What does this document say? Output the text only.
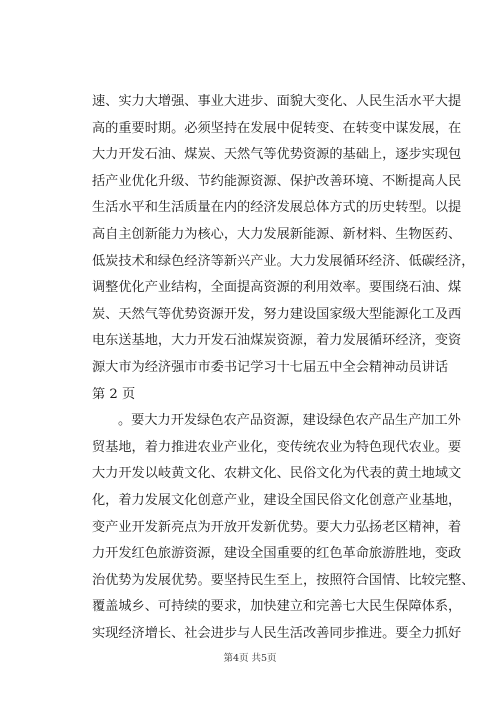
速、实力大增强、事业大进步、面貌大变化、人民生活水平大提
高的重要时期。必须坚持在发展中促转变、在转变中谋发展，在
大力开发石油、煤炭、天然气等优势资源的基础上，逐步实现包
括产业优化升级、节约能源资源、保护改善环境、不断提高人民
生活水平和生活质量在内的经济发展总体方式的历史转型。以提
高自主创新能力为核心，大力发展新能源、新材料、生物医药、
低炭技术和绿色经济等新兴产业。大力发展循环经济、低碳经济，
调整优化产业结构，全面提高资源的利用效率。要围绕石油、煤
炭、天然气等优势资源开发，努力建设国家级大型能源化工及西
电东送基地，大力开发石油煤炭资源，着力发展循环经济，变资
源大市为经济强市市委书记学习十七届五中全会精神动员讲话
第 2 页
。要大力开发绿色农产品资源，建设绿色农产品生产加工外
贸基地，着力推进农业产业化，变传统农业为特色现代农业。要
大力开发以岐黄文化、农耕文化、民俗文化为代表的黄土地域文
化，着力发展文化创意产业，建设全国民俗文化创意产业基地，
变产业开发新亮点为开放开发新优势。要大力弘扬老区精神，着
力开发红色旅游资源，建设全国重要的红色革命旅游胜地，变政
治优势为发展优势。要坚持民生至上，按照符合国情、比较完整、
覆盖城乡、可持续的要求，加快建立和完善七大民生保障体系，
实现经济增长、社会进步与人民生活改善同步推进。要全力抓好
第4页 共5页
